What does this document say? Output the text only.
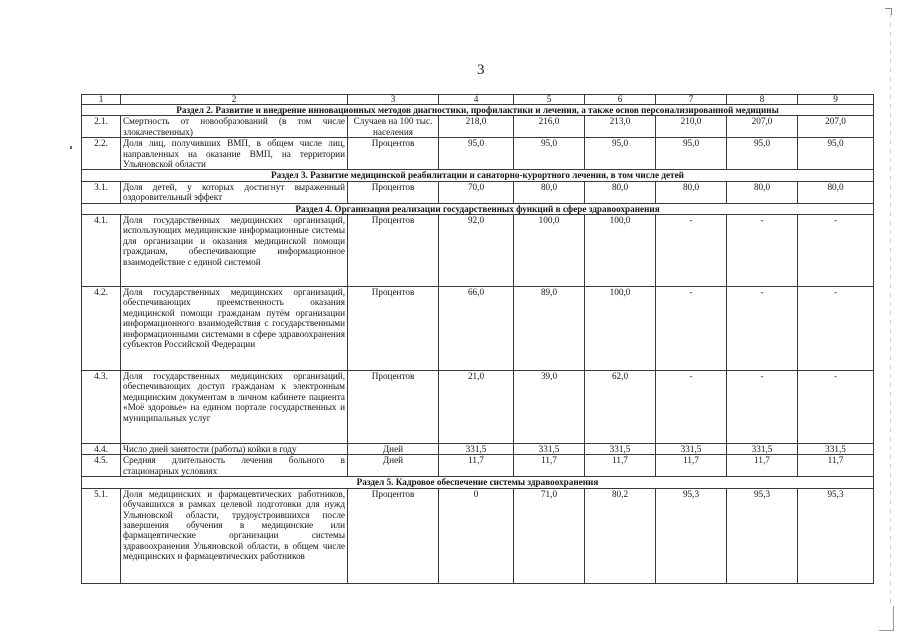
3
1	2	3	4	5	6	7	8	9
Раздел 2. Развитие и внедрение инновационных методов диагностики, профилактики и лечения, а также основ персонализированной медицины								
2.1.	Смертность от новообразований (в том числе злокачественных)	Случаев на 100 тыс. населения	218,0	216,0	213,0	210,0	207,0	207,0
2.2.	Доля лиц, получивших ВМП, в общем числе лиц, направленных на оказание ВМП, на территории Ульяновской области	Процентов	95,0	95,0	95,0	95,0	95,0	95,0
Раздел 3. Развитие медицинской реабилитации и санаторно-курортного лечения, в том числе детей								
3.1.	Доля детей, у которых достигнут выраженный оздоровительный эффект	Процентов	70,0	80,0	80,0	80,0	80,0	80,0
Раздел 4. Организация реализации государственных функций в сфере здравоохранения								
4.1.	Доля государственных медицинских организаций, использующих медицинские информационные системы для организации и оказания медицинской помощи гражданам, обеспечивающие информационное взаимодействие с единой системой	Процентов	92,0	100,0	100,0	-	-	-
4.2.	Доля государственных медицинских организаций, обеспечивающих преемственность оказания медицинской помощи гражданам путём организации информационного взаимодействия с государственными информационными системами в сфере здравоохранения субъектов Российской Федерации	Процентов	66,0	89,0	100,0	-	-	-
4.3.	Доля государственных медицинских организаций, обеспечивающих доступ гражданам к электронным медицинским документам в личном кабинете пациента «Моё здоровье» на едином портале государственных и муниципальных услуг	Процентов	21,0	39,0	62,0	-	-	-
4.4.	Число дней занятости (работы) койки в году	Дней	331,5	331,5	331,5	331,5	331,5	331,5
4.5.	Средняя длительность лечения больного в стационарных условиях	Дней	11,7	11,7	11,7	11,7	11,7	11,7
Раздел 5. Кадровое обеспечение системы здравоохранения								
5.1.	Доля медицинских и фармацевтических работников, обучавшихся в рамках целевой подготовки для нужд Ульяновской области, трудоустроившихся после завершения обучения в медицинские или фармацевтические организации системы здравоохранения Ульяновской области, в общем числе медицинских и фармацевтических работников	Процентов	0	71,0	80,2	95,3	95,3	95,3
